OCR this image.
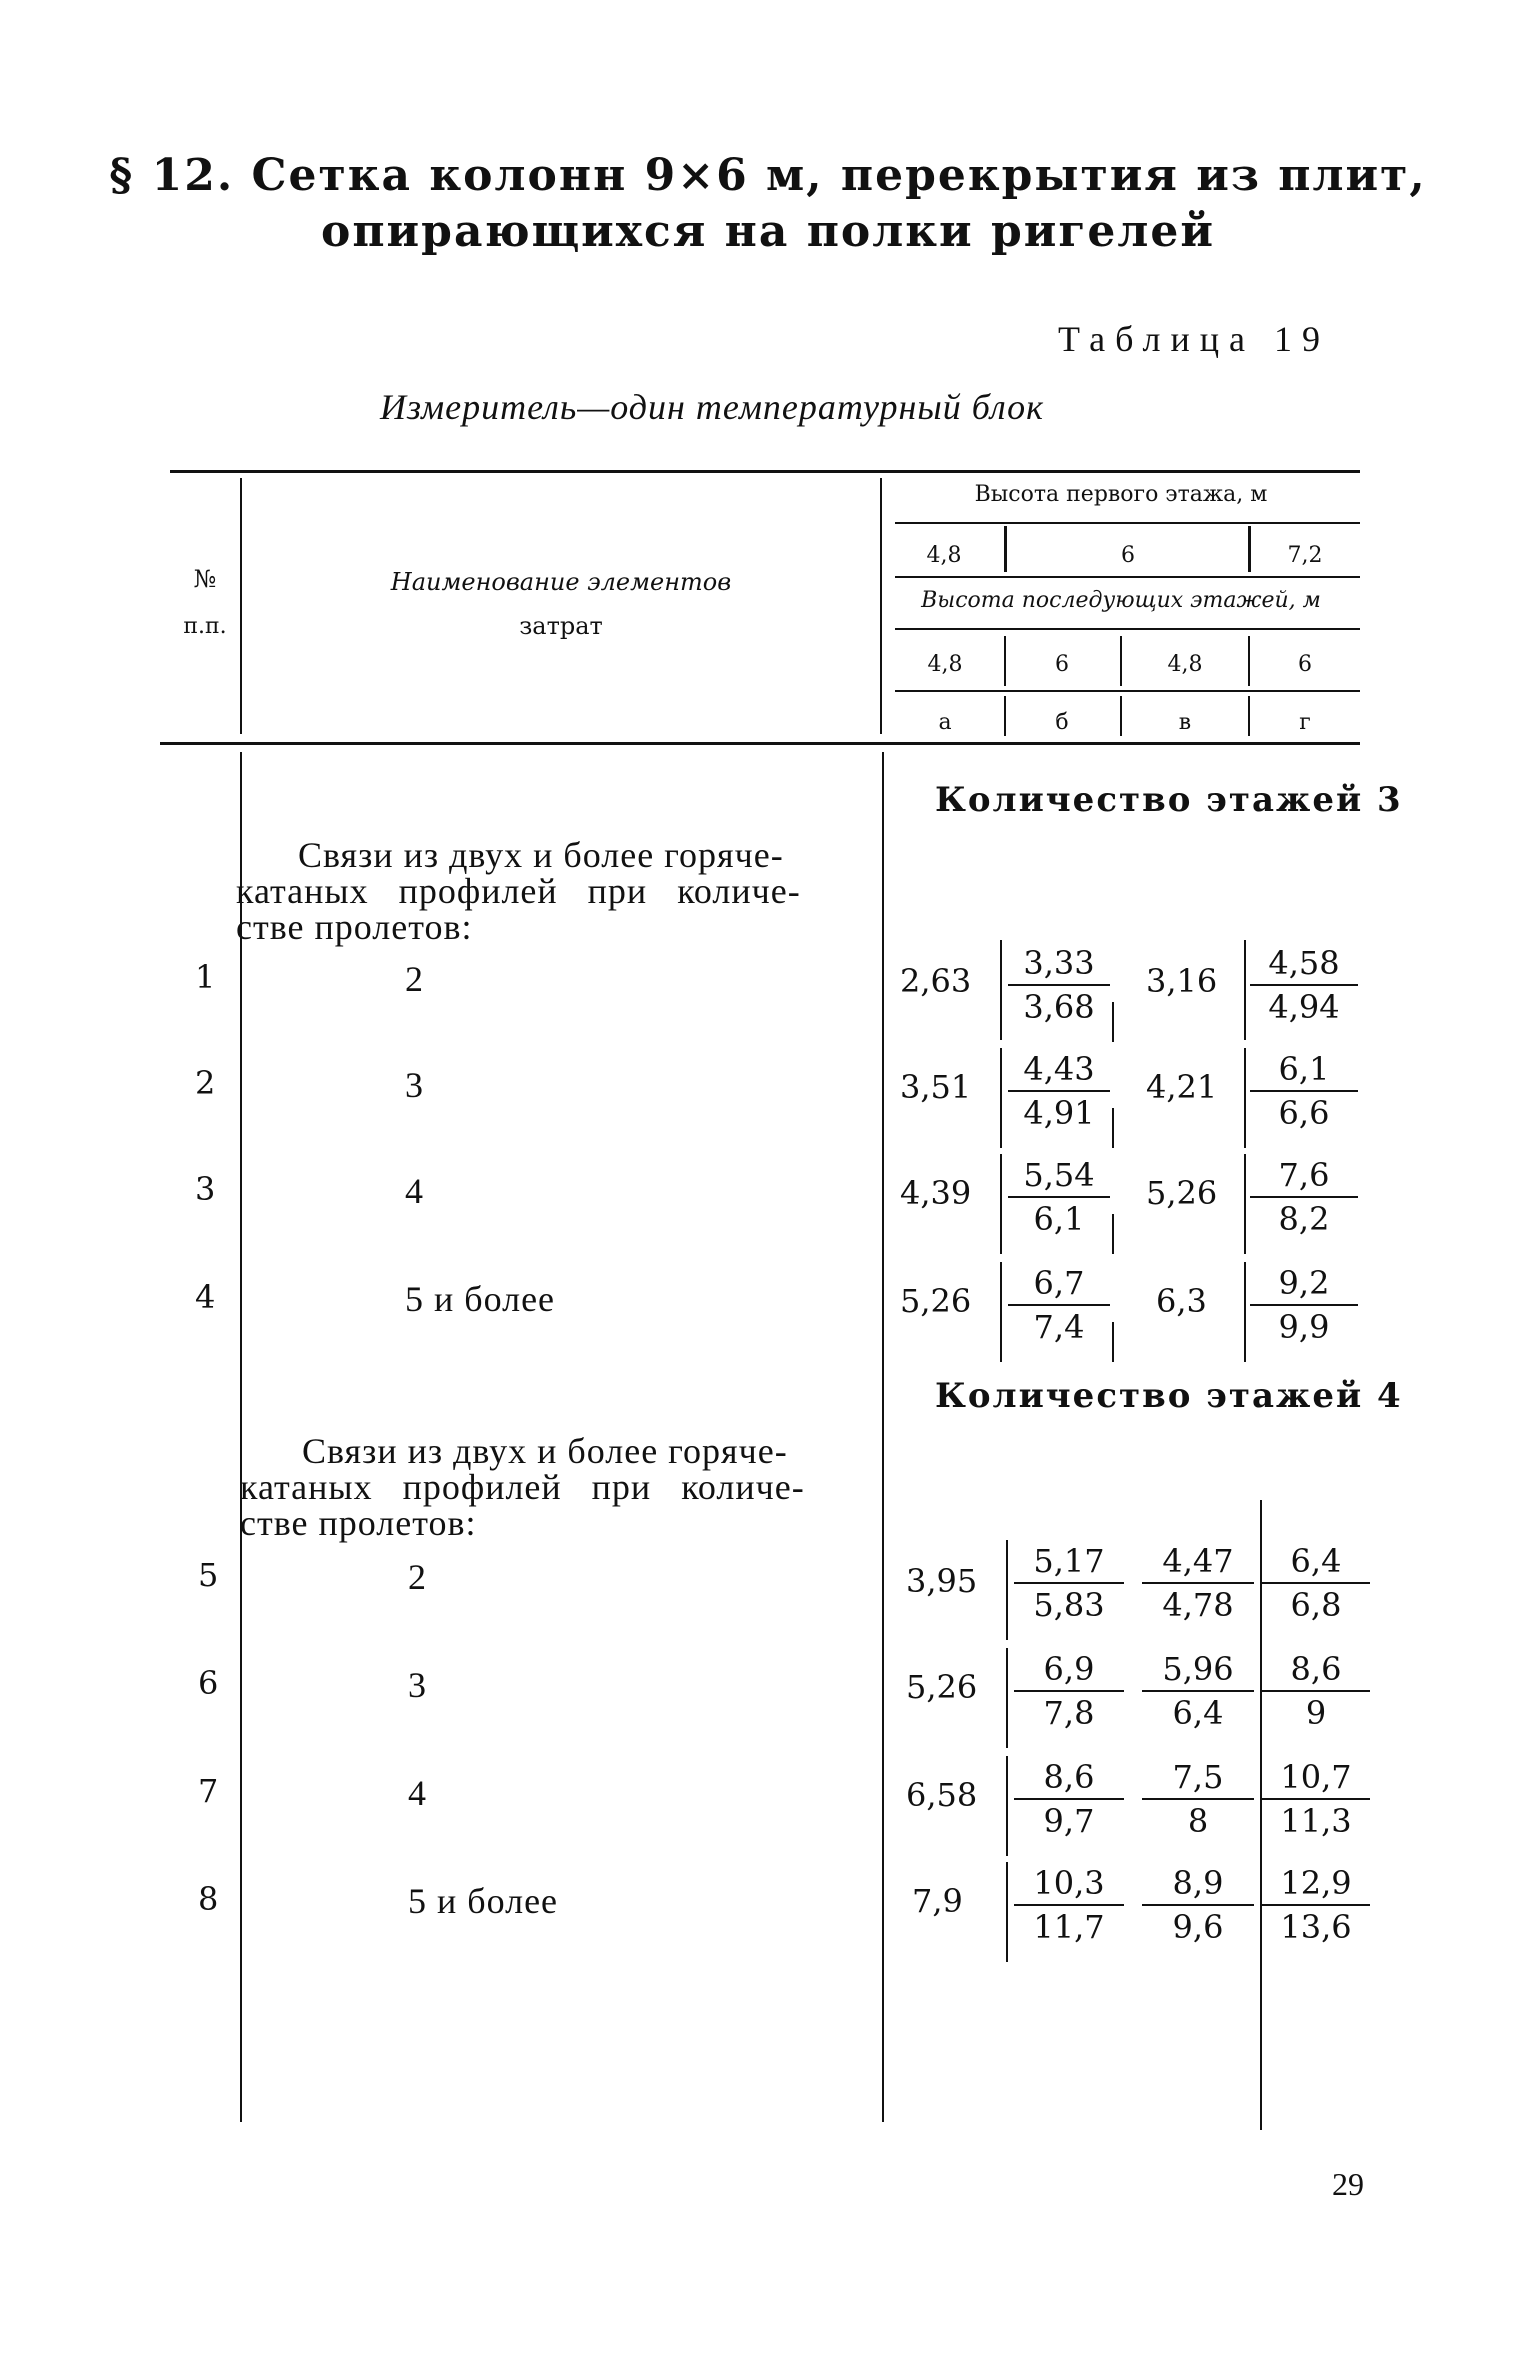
§ 12. Сетка колонн 9×6 м, перекрытия из плит,
опирающихся на полки ригелей
Таблица 19
Измеритель—один температурный блок
№
п.п.
Наименование элементов
затрат
Высота первого этажа, м
4,8	6	7,2
Высота последующих этажей, м
4,8	6	4,8	6
а	б	в	г
Количество этажей 3
Связи из двух и более горяче-
катаных профилей при количе-
стве пролетов:
1	2	$2,63 \frac{3,33}{3,68} 3,16 \frac{4,58}{4,94}$
2	3	$3,51 \frac{4,43}{4,91} 4,21 \frac{6,1}{6,6}$
3	4	$4,39 \frac{5,54}{6,1} 5,26 \frac{7,6}{8,2}$
4	5 и более	$5,26 \frac{6,7}{7,4} 6,3 \frac{9,2}{9,9}$
Количество этажей 4
Связи из двух и более горяче-
катаных профилей при количе-
стве пролетов:
5	2	$3,95 \frac{5,17}{5,83} \frac{4,47}{4,78} \frac{6,4}{6,8}$
6	3	$5,26 \frac{6,9}{7,8} \frac{5,96}{6,4} \frac{8,6}{9}$
7	4	$6,58 \frac{8,6}{9,7} \frac{7,5}{8} \frac{10,7}{11,3}$
8	5 и более	$7,9 \frac{10,3}{11,7} \frac{8,9}{9,6} \frac{12,9}{13,6}$
29
